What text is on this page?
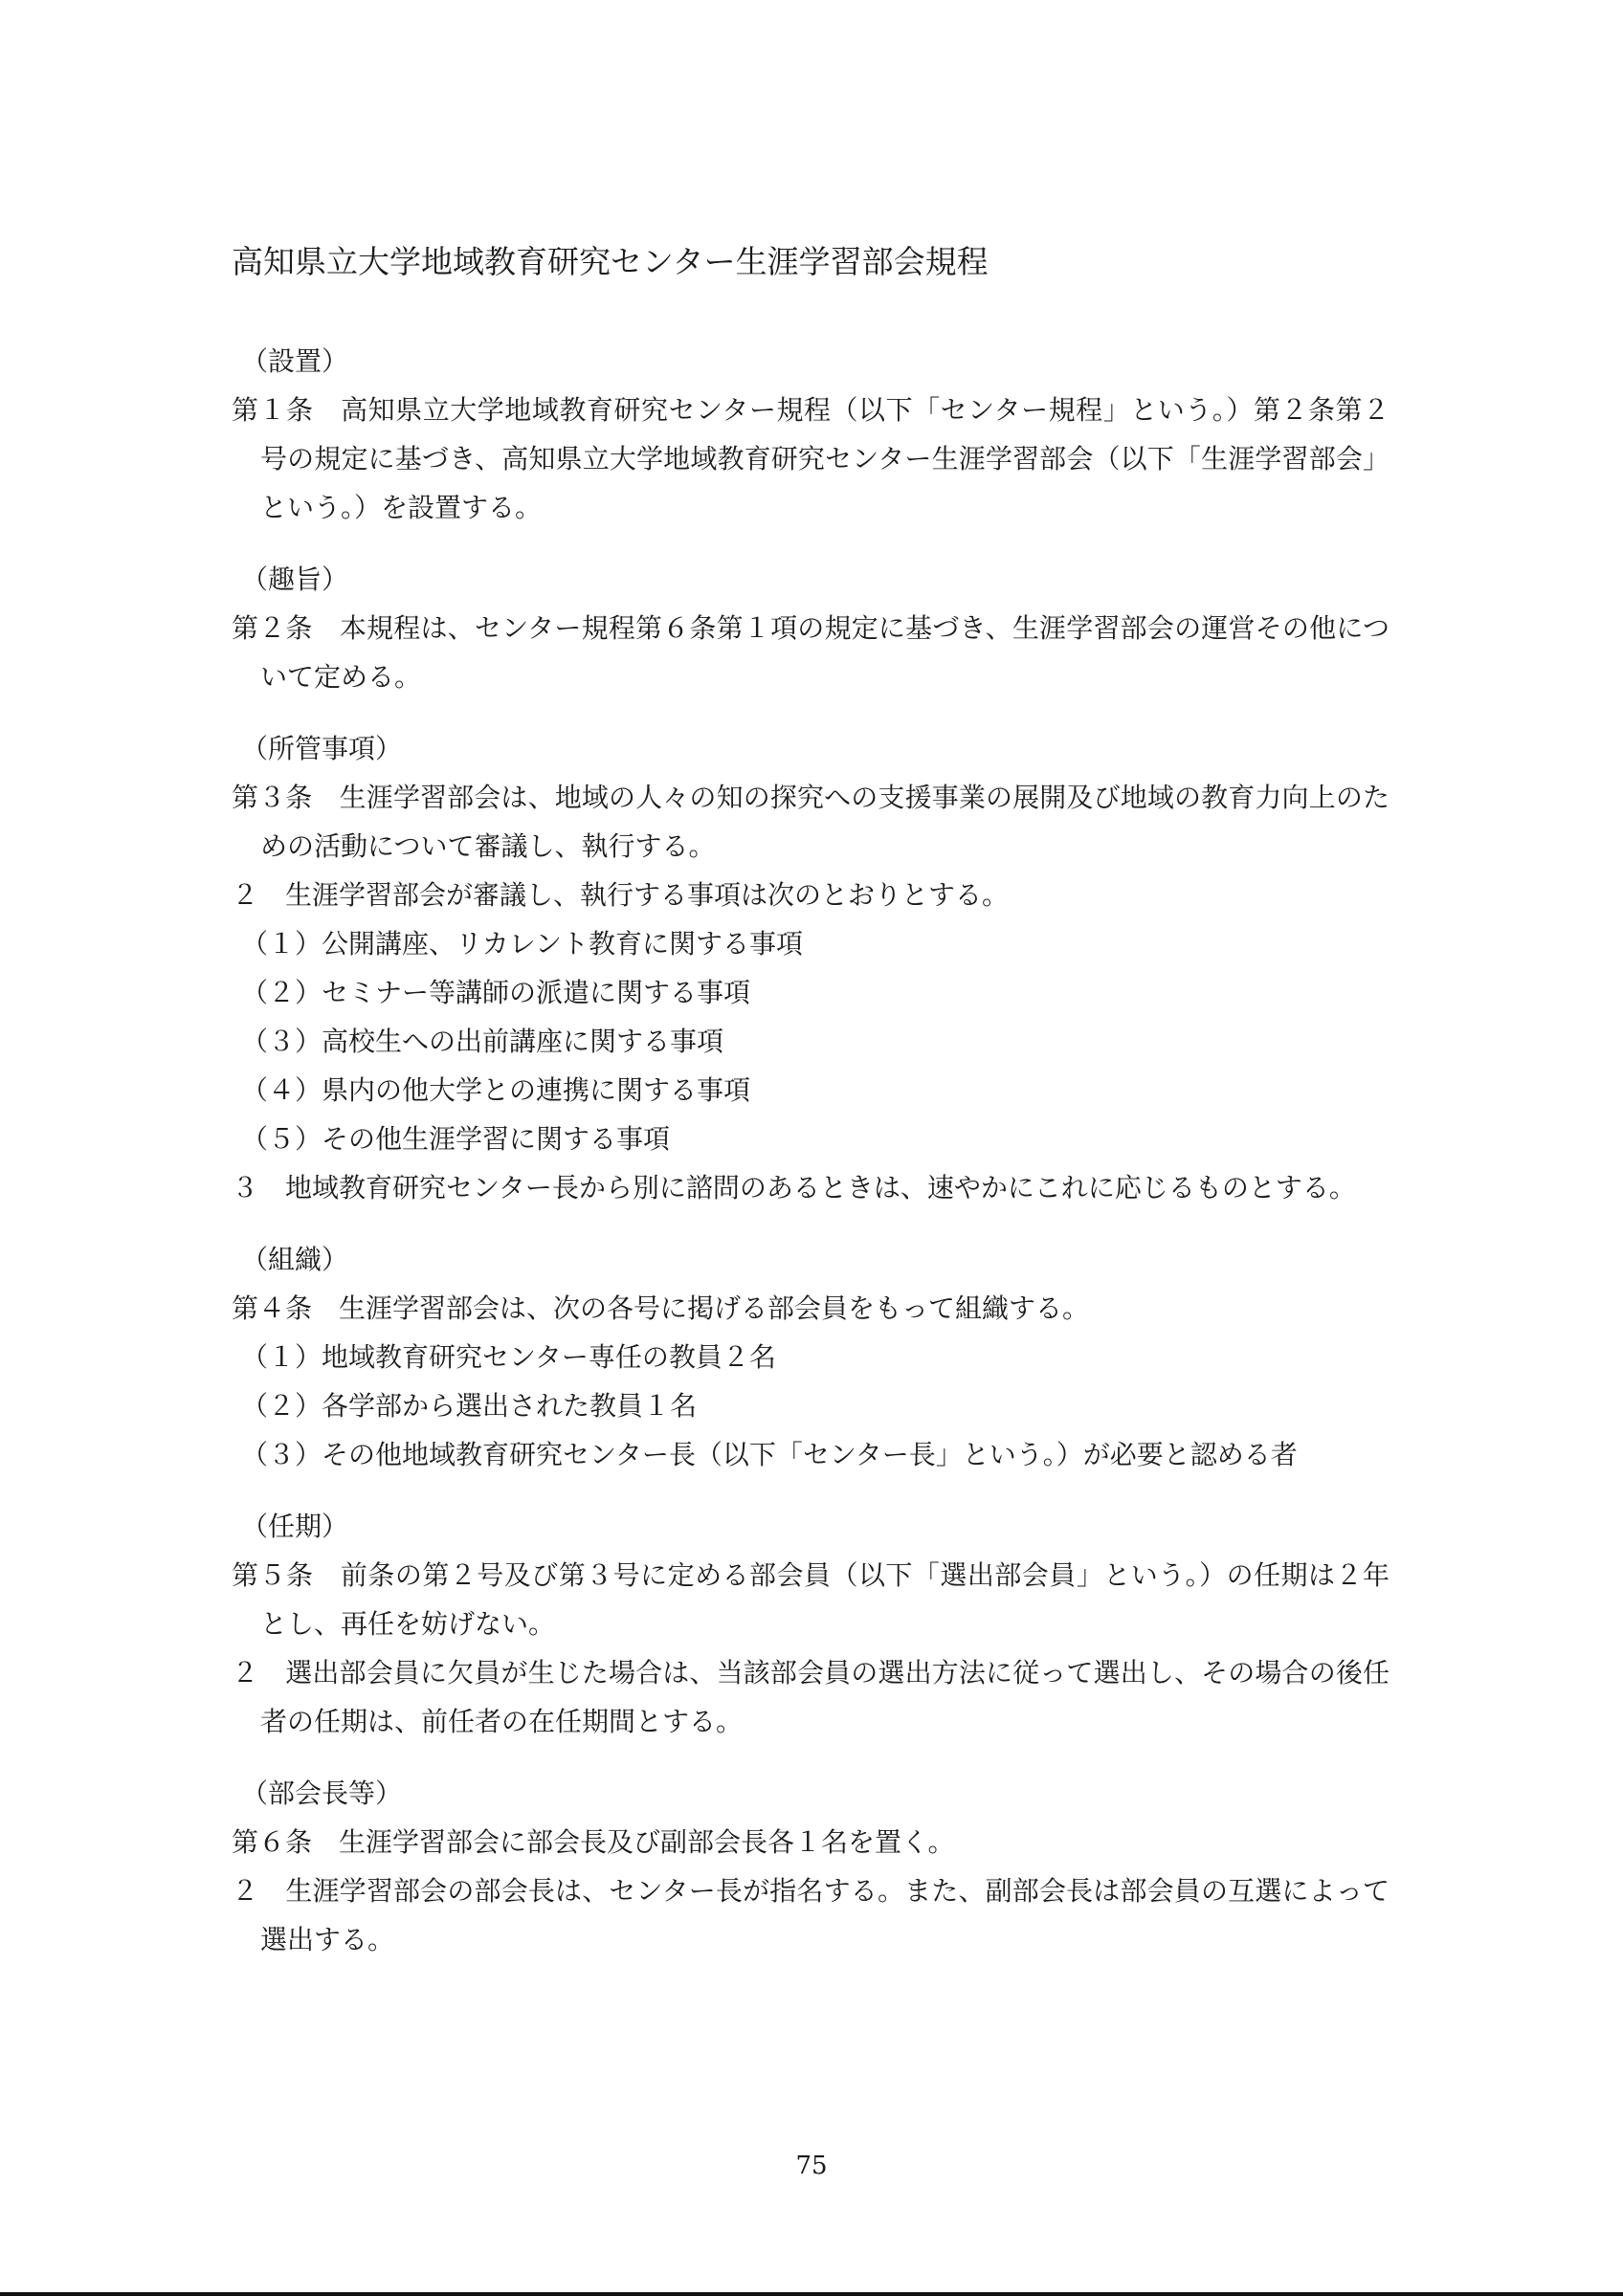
高知県立大学地域教育研究センター生涯学習部会規程
（設置）
第１条　高知県立大学地域教育研究センター規程（以下「センター規程」という。）第２条第２号の規定に基づき、高知県立大学地域教育研究センター生涯学習部会（以下「生涯学習部会」という。）を設置する。
（趣旨）
第２条　本規程は、センター規程第６条第１項の規定に基づき、生涯学習部会の運営その他について定める。
（所管事項）
第３条　生涯学習部会は、地域の人々の知の探究への支援事業の展開及び地域の教育力向上のための活動について審議し、執行する。
２　生涯学習部会が審議し、執行する事項は次のとおりとする。
（１）公開講座、リカレント教育に関する事項
（２）セミナー等講師の派遣に関する事項
（３）高校生への出前講座に関する事項
（４）県内の他大学との連携に関する事項
（５）その他生涯学習に関する事項
３　地域教育研究センター長から別に諮問のあるときは、速やかにこれに応じるものとする。
（組織）
第４条　生涯学習部会は、次の各号に掲げる部会員をもって組織する。
（１）地域教育研究センター専任の教員２名
（２）各学部から選出された教員１名
（３）その他地域教育研究センター長（以下「センター長」という。）が必要と認める者
（任期）
第５条　前条の第２号及び第３号に定める部会員（以下「選出部会員」という。）の任期は２年とし、再任を妨げない。
２　選出部会員に欠員が生じた場合は、当該部会員の選出方法に従って選出し、その場合の後任者の任期は、前任者の在任期間とする。
（部会長等）
第６条　生涯学習部会に部会長及び副部会長各１名を置く。
２　生涯学習部会の部会長は、センター長が指名する。また、副部会長は部会員の互選によって選出する。
75
